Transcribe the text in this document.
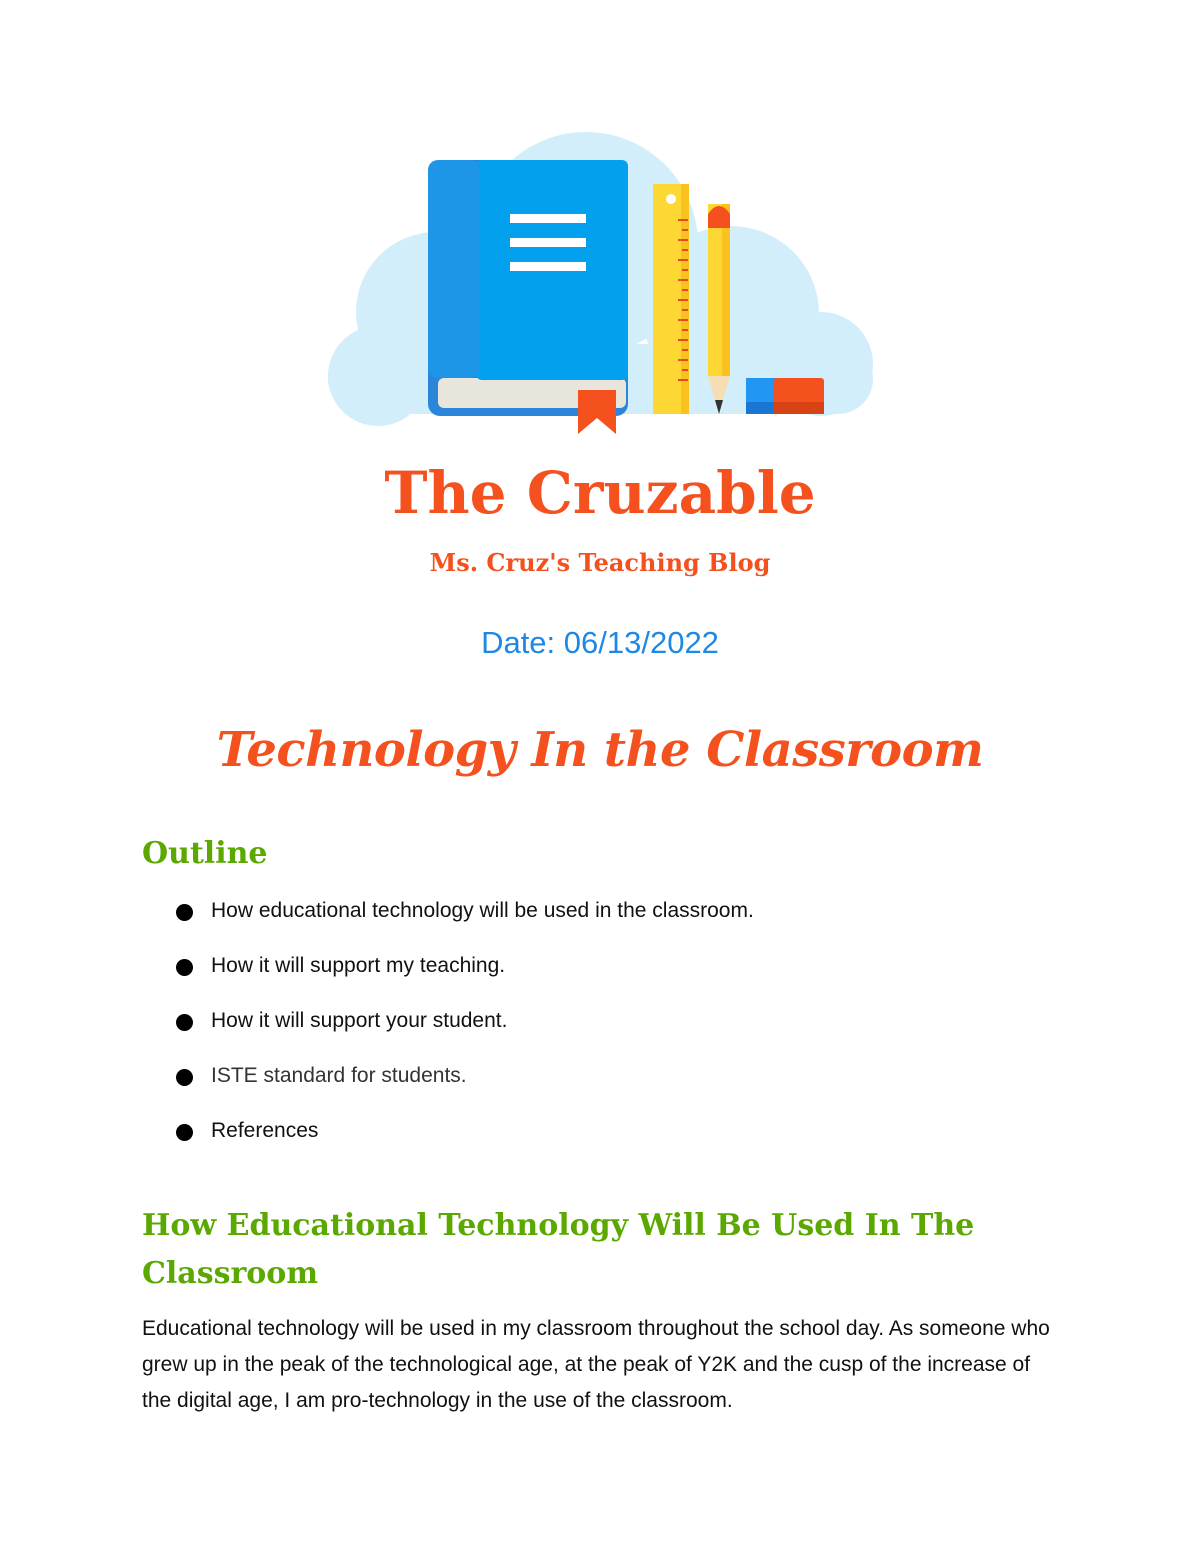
The Cruzable

Ms. Cruz's Teaching Blog

Date: 06/13/2022

Technology In the Classroom
Outline
How educational technology will be used in the classroom.
How it will support my teaching.
How it will support your student.
ISTE standard for students.
References
How Educational Technology Will Be Used In The Classroom

Educational technology will be used in my classroom throughout the school day. As someone who grew up in the peak of the technological age, at the peak of Y2K and the cusp of the increase of the digital age, I am pro-technology in the use of the classroom.
